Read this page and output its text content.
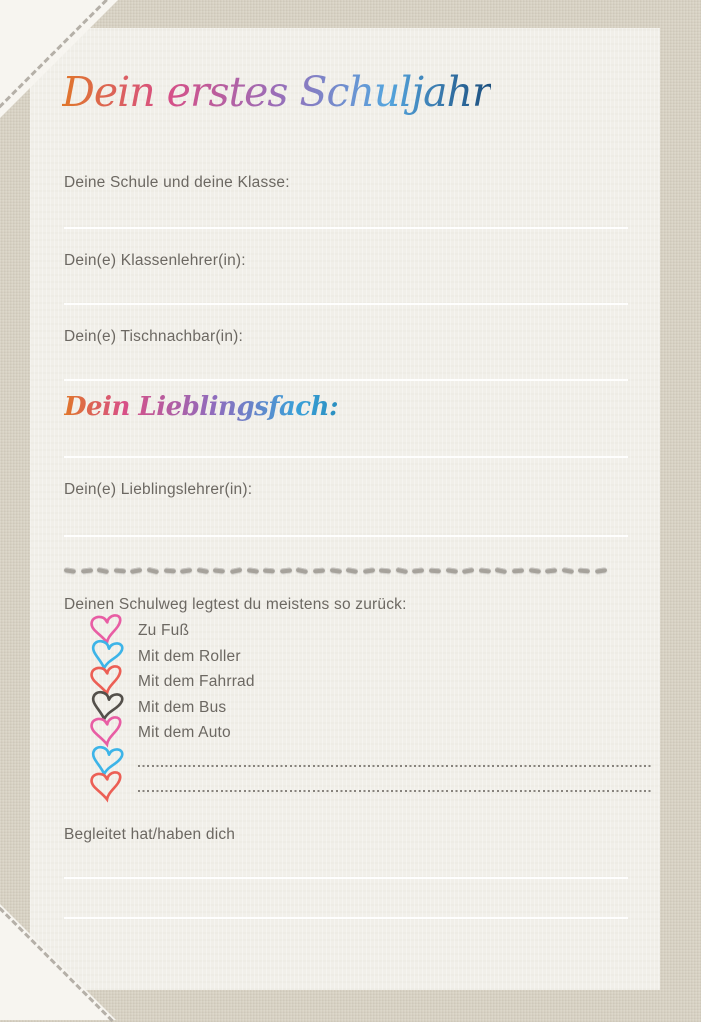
Dein erstes Schuljahr
Deine Schule und deine Klasse:
Dein(e) Klassenlehrer(in):
Dein(e) Tischnachbar(in):
Dein Lieblingsfach:
Dein(e) Lieblingslehrer(in):
Deinen Schulweg legtest du meistens so zurück:
Zu Fuß
Mit dem Roller
Mit dem Fahrrad
Mit dem Bus
Mit dem Auto
Begleitet hat/haben dich
